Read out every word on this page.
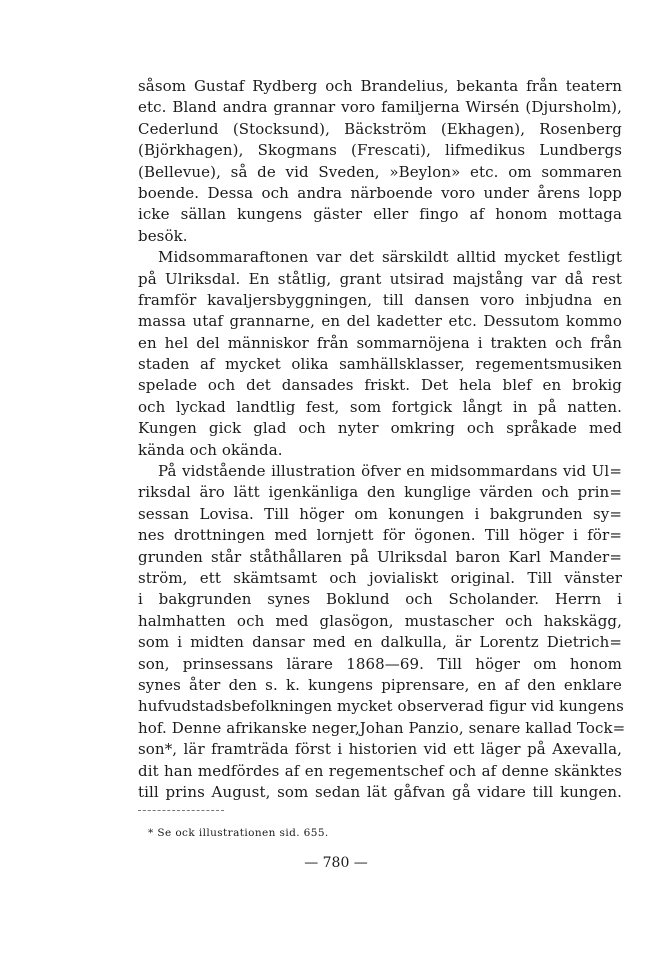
såsom Gustaf Rydberg och Brandelius, bekanta från teatern
etc. Bland andra grannar voro familjerna Wirsén (Djursholm),
Cederlund (Stocksund), Bäckström (Ekhagen), Rosenberg
(Björkhagen), Skogmans (Frescati), lifmedikus Lundbergs
(Bellevue), så de vid Sveden, »Beylon» etc. om sommaren
boende. Dessa och andra närboende voro under årens lopp
icke sällan kungens gäster eller fingo af honom mottaga
besök.
Midsommaraftonen var det särskildt alltid mycket festligt
på Ulriksdal. En ståtlig, grant utsirad majstång var då rest
framför kavaljersbyggningen, till dansen voro inbjudna en
massa utaf grannarne, en del kadetter etc. Dessutom kommo
en hel del människor från sommarnöjena i trakten och från
staden af mycket olika samhällsklasser, regementsmusiken
spelade och det dansades friskt. Det hela blef en brokig
och lyckad landtlig fest, som fortgick långt in på natten.
Kungen gick glad och nyter omkring och språkade med
kända och okända.
På vidstående illustration öfver en midsommardans vid Ul=
riksdal äro lätt igenkänliga den kunglige värden och prin=
sessan Lovisa. Till höger om konungen i bakgrunden sy=
nes drottningen med lornjett för ögonen. Till höger i för=
grunden står ståthållaren på Ulriksdal baron Karl Mander=
ström, ett skämtsamt och jovialiskt original. Till vänster
i bakgrunden synes Boklund och Scholander. Herrn i
halmhatten och med glasögon, mustascher och hakskägg,
som i midten dansar med en dalkulla, är Lorentz Dietrich=
son, prinsessans lärare 1868—69. Till höger om honom
synes åter den s. k. kungens piprensare, en af den enklare
hufvudstadsbefolkningen mycket observerad figur vid kungens
hof. Denne afrikanske neger,Johan Panzio, senare kallad Tock=
son*, lär framträda först i historien vid ett läger på Axevalla,
dit han medfördes af en regementschef och af denne skänktes
till prins August, som sedan lät gåfvan gå vidare till kungen.
* Se ock illustrationen sid. 655.
— 780 —
